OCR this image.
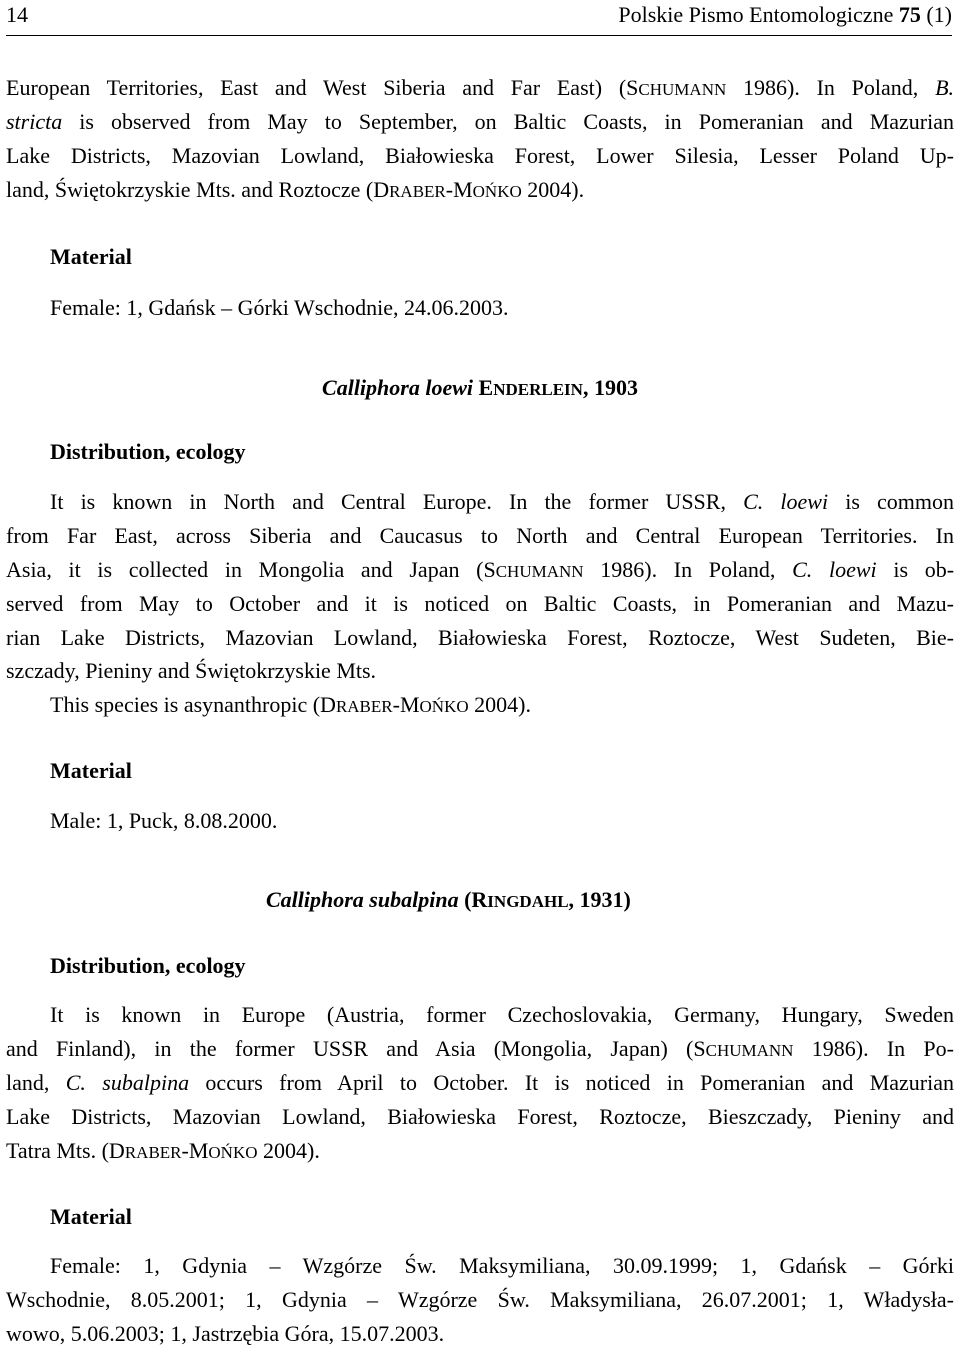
14	Polskie Pismo Entomologiczne 75 (1)
European Territories, East and West Siberia and Far East) (SCHUMANN 1986). In Poland, B.
stricta is observed from May to September, on Baltic Coasts, in Pomeranian and Mazurian
Lake Districts, Mazovian Lowland, Białowieska Forest, Lower Silesia, Lesser Poland Up-
land, Świętokrzyskie Mts. and Roztocze (DRABER-MOŃKO 2004).
Material
Female: 1, Gdańsk – Górki Wschodnie, 24.06.2003.
Calliphora loewi ENDERLEIN, 1903
Distribution, ecology
It is known in North and Central Europe. In the former USSR, C. loewi is common
from Far East, across Siberia and Caucasus to North and Central European Territories. In
Asia, it is collected in Mongolia and Japan (SCHUMANN 1986). In Poland, C. loewi is ob-
served from May to October and it is noticed on Baltic Coasts, in Pomeranian and Mazu-
rian Lake Districts, Mazovian Lowland, Białowieska Forest, Roztocze, West Sudeten, Bie-
szczady, Pieniny and Świętokrzyskie Mts.
This species is asynanthropic (DRABER-MOŃKO 2004).
Material
Male: 1, Puck, 8.08.2000.
Calliphora subalpina (RINGDAHL, 1931)
Distribution, ecology
It is known in Europe (Austria, former Czechoslovakia, Germany, Hungary, Sweden
and Finland), in the former USSR and Asia (Mongolia, Japan) (SCHUMANN 1986). In Po-
land, C. subalpina occurs from April to October. It is noticed in Pomeranian and Mazurian
Lake Districts, Mazovian Lowland, Białowieska Forest, Roztocze, Bieszczady, Pieniny and
Tatra Mts. (DRABER-MOŃKO 2004).
Material
Female: 1, Gdynia – Wzgórze Św. Maksymiliana, 30.09.1999; 1, Gdańsk – Górki
Wschodnie, 8.05.2001; 1, Gdynia – Wzgórze Św. Maksymiliana, 26.07.2001; 1, Władysła-
wowo, 5.06.2003; 1, Jastrzębia Góra, 15.07.2003.
